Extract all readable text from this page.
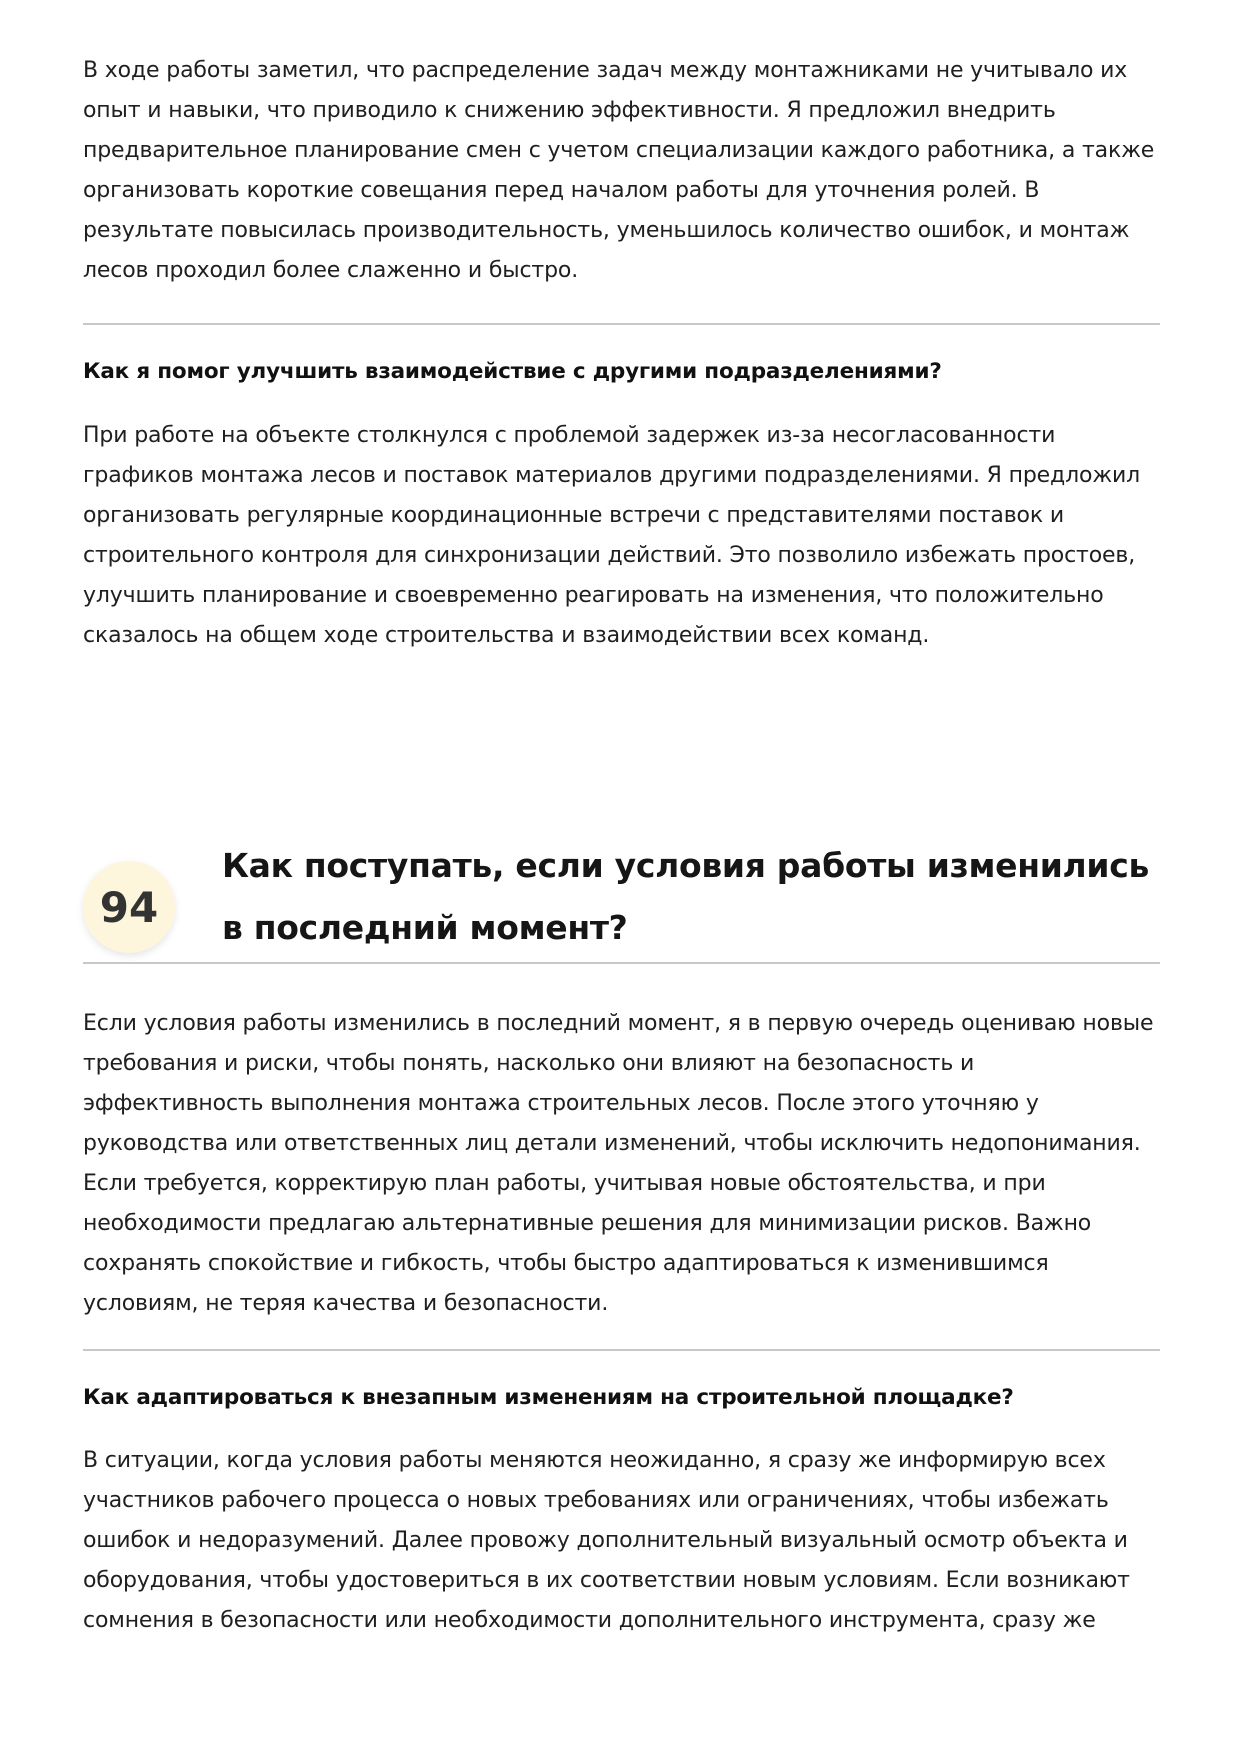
В ходе работы заметил, что распределение задач между монтажниками не учитывало их опыт и навыки, что приводило к снижению эффективности. Я предложил внедрить предварительное планирование смен с учетом специализации каждого работника, а также организовать короткие совещания перед началом работы для уточнения ролей. В результате повысилась производительность, уменьшилось количество ошибок, и монтаж лесов проходил более слаженно и быстро.

Как я помог улучшить взаимодействие с другими подразделениями?

При работе на объекте столкнулся с проблемой задержек из-за несогласованности графиков монтажа лесов и поставок материалов другими подразделениями. Я предложил организовать регулярные координационные встречи с представителями поставок и строительного контроля для синхронизации действий. Это позволило избежать простоев, улучшить планирование и своевременно реагировать на изменения, что положительно сказалось на общем ходе строительства и взаимодействии всех команд.

94
Как поступать, если условия работы изменились в последний момент?

Если условия работы изменились в последний момент, я в первую очередь оцениваю новые требования и риски, чтобы понять, насколько они влияют на безопасность и эффективность выполнения монтажа строительных лесов. После этого уточняю у руководства или ответственных лиц детали изменений, чтобы исключить недопонимания. Если требуется, корректирую план работы, учитывая новые обстоятельства, и при необходимости предлагаю альтернативные решения для минимизации рисков. Важно сохранять спокойствие и гибкость, чтобы быстро адаптироваться к изменившимся условиям, не теряя качества и безопасности.

Как адаптироваться к внезапным изменениям на строительной площадке?

В ситуации, когда условия работы меняются неожиданно, я сразу же информирую всех участников рабочего процесса о новых требованиях или ограничениях, чтобы избежать ошибок и недоразумений. Далее провожу дополнительный визуальный осмотр объекта и оборудования, чтобы удостовериться в их соответствии новым условиям. Если возникают сомнения в безопасности или необходимости дополнительного инструмента, сразу же
